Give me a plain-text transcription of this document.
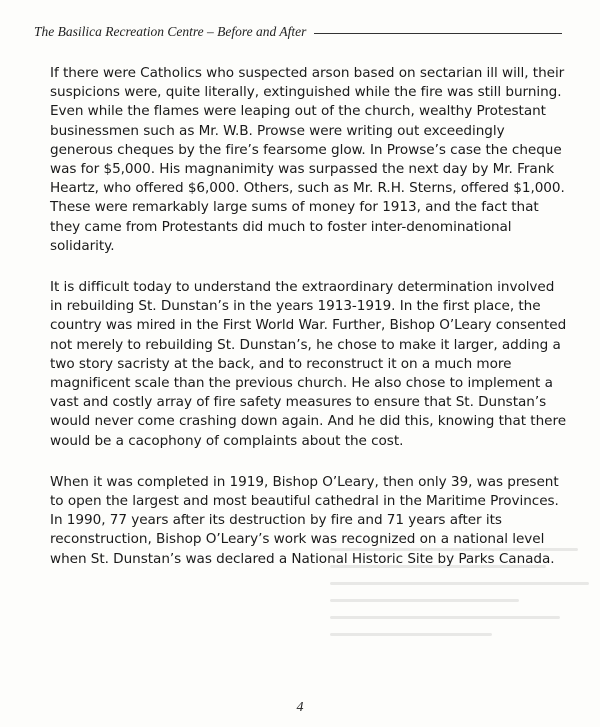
The Basilica Recreation Centre – Before and After

If there were Catholics who suspected arson based on sectarian ill will, their suspicions were, quite literally, extinguished while the fire was still burning. Even while the flames were leaping out of the church, wealthy Protestant businessmen such as Mr. W.B. Prowse were writing out exceedingly generous cheques by the fire’s fearsome glow. In Prowse’s case the cheque was for $5,000. His magnanimity was surpassed the next day by Mr. Frank Heartz, who offered $6,000. Others, such as Mr. R.H. Sterns, offered $1,000. These were remarkably large sums of money for 1913, and the fact that they came from Protestants did much to foster inter-denominational solidarity.

It is difficult today to understand the extraordinary determination involved in rebuilding St. Dunstan’s in the years 1913-1919. In the first place, the country was mired in the First World War. Further, Bishop O’Leary consented not merely to rebuilding St. Dunstan’s, he chose to make it larger, adding a two story sacristy at the back, and to reconstruct it on a much more magnificent scale than the previous church. He also chose to implement a vast and costly array of fire safety measures to ensure that St. Dunstan’s would never come crashing down again. And he did this, knowing that there would be a cacophony of complaints about the cost.

When it was completed in 1919, Bishop O’Leary, then only 39, was present to open the largest and most beautiful cathedral in the Maritime Provinces. In 1990, 77 years after its destruction by fire and 71 years after its reconstruction, Bishop O’Leary’s work was recognized on a national level when St. Dunstan’s was declared a National Historic Site by Parks Canada.

4
